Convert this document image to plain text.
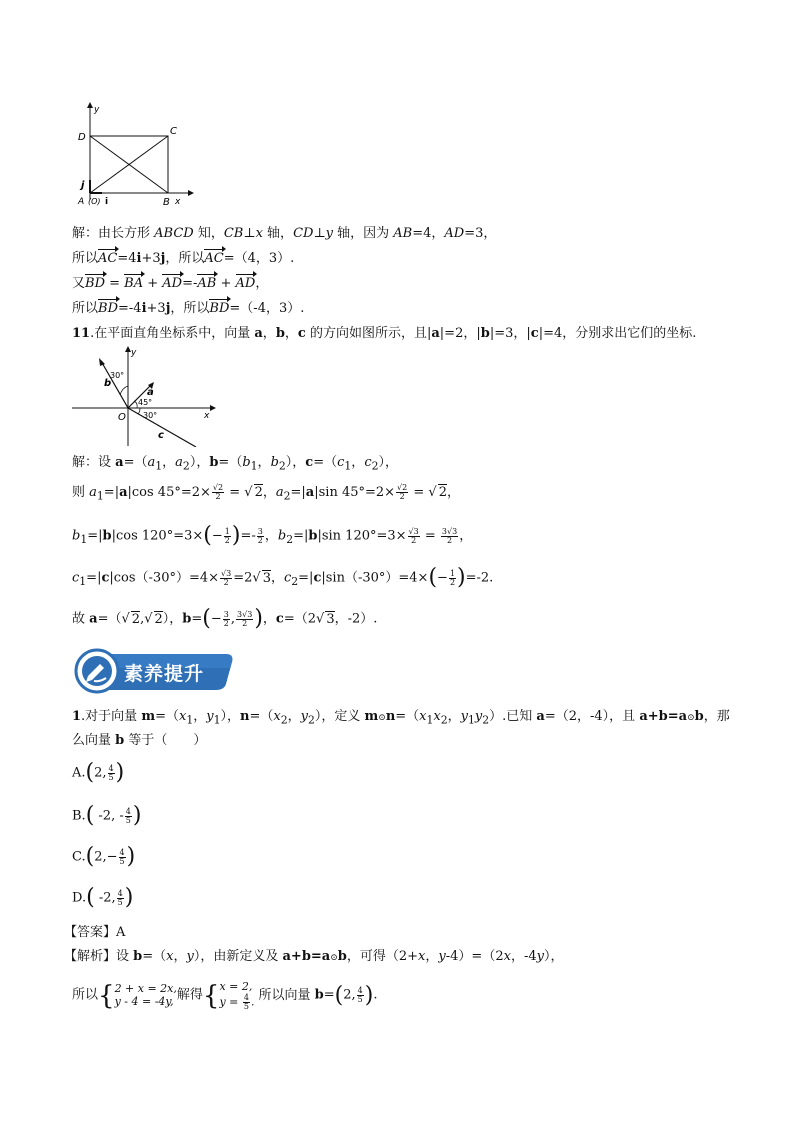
y
x
D
C
A (O) i
j
B
解：由长方形 ABCD 知，CB⊥x 轴，CD⊥y 轴，因为 AB=4，AD=3，
所以AC=4i+3j，所以AC=（4，3）.
又BD = BA + AD=-AB + AD，
所以BD=-4i+3j，所以BD=（-4，3）.
11.在平面直角坐标系中，向量 a，b，c 的方向如图所示，且|a|=2，|b|=3，|c|=4，分别求出它们的坐标.
y
x
O
a
b
c
30°
45°
30°
解：设 $a=(a_1$，$a_2$），$b=(b_1$，$b_2$），$c=(c_1$，$c_2$），
则 $a_1=|a|\cos$ $45^\circ=2\times \frac{√2}{2}$ = √ 2，$a_2=|a|\sin$ $45^\circ=2\times \frac{√2}{2}$ = √ 2，
$b_1=|b|\cos$ $120^\circ=3\times(- \frac{1}{2}$ )=- $\frac{3}{2}$ ，$b_2=|b|\sin$ $120^\circ=3\times \frac{√3}{2} = \frac{3√3}{2}$ ，
$c_1=|c|\cos(-30^\circ)=4\times \frac{√3}{2} =2√$ 3，$c_2=|c|\sin(-30^\circ)=4\times(- \frac{1}{2} )=-2$.
故 a=（√ 2,√ 2），$b=(- \frac{3}{2}$ , $\frac{3√3}{2}$ )，c=（2√ 3，-2）.
素养提升
1.对于向量 $m=(x_1$，$y_1$），$n=(x_2$，$y_2$），定义 $m⊙n=(x_1x_2$，$y_1y_2$）.已知 a=（2，-4），且 a+b=a⊙b，那
么向量 b 等于（　　）
A.(2, $\frac{4}{5}$ )
B.( -2, - $\frac{4}{5}$ )
$C.(2,- \frac{4}{5}$ )
D.( -2, $\frac{4}{5}$ )
【答案】A
【解析】设 b=（x，y），由新定义及 a+b=a⊙b，可得（2+x，y-4）=（2x，-4y），
所以{ 2 + x = 2x,
y - 4 = -4y, 解得{ x = 2,
$y = \frac{4}{5}$ . 所以向量 b=(2, $\frac{4}{5}$ ).
